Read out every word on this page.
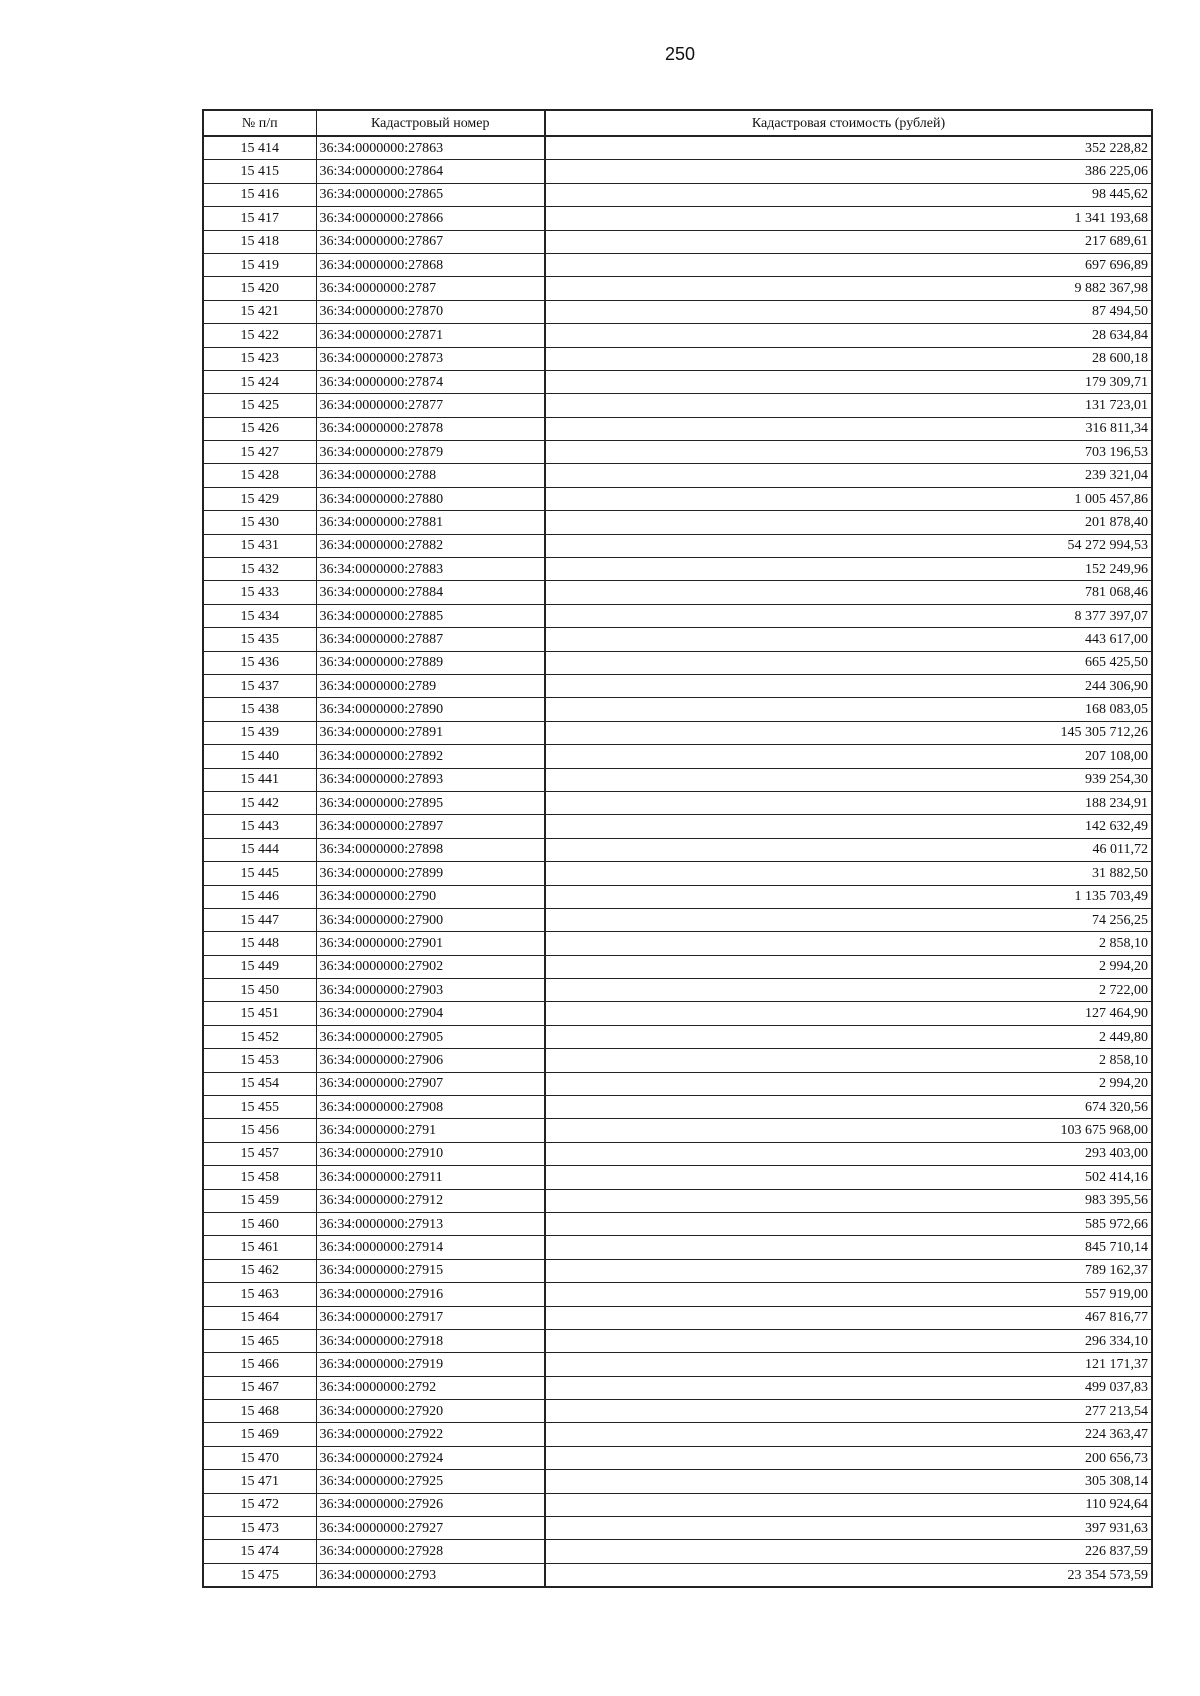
250
№ п/п	Кадастровый номер	Кадастровая стоимость (рублей)
15 414	36:34:0000000:27863	352 228,82
15 415	36:34:0000000:27864	386 225,06
15 416	36:34:0000000:27865	98 445,62
15 417	36:34:0000000:27866	1 341 193,68
15 418	36:34:0000000:27867	217 689,61
15 419	36:34:0000000:27868	697 696,89
15 420	36:34:0000000:2787	9 882 367,98
15 421	36:34:0000000:27870	87 494,50
15 422	36:34:0000000:27871	28 634,84
15 423	36:34:0000000:27873	28 600,18
15 424	36:34:0000000:27874	179 309,71
15 425	36:34:0000000:27877	131 723,01
15 426	36:34:0000000:27878	316 811,34
15 427	36:34:0000000:27879	703 196,53
15 428	36:34:0000000:2788	239 321,04
15 429	36:34:0000000:27880	1 005 457,86
15 430	36:34:0000000:27881	201 878,40
15 431	36:34:0000000:27882	54 272 994,53
15 432	36:34:0000000:27883	152 249,96
15 433	36:34:0000000:27884	781 068,46
15 434	36:34:0000000:27885	8 377 397,07
15 435	36:34:0000000:27887	443 617,00
15 436	36:34:0000000:27889	665 425,50
15 437	36:34:0000000:2789	244 306,90
15 438	36:34:0000000:27890	168 083,05
15 439	36:34:0000000:27891	145 305 712,26
15 440	36:34:0000000:27892	207 108,00
15 441	36:34:0000000:27893	939 254,30
15 442	36:34:0000000:27895	188 234,91
15 443	36:34:0000000:27897	142 632,49
15 444	36:34:0000000:27898	46 011,72
15 445	36:34:0000000:27899	31 882,50
15 446	36:34:0000000:2790	1 135 703,49
15 447	36:34:0000000:27900	74 256,25
15 448	36:34:0000000:27901	2 858,10
15 449	36:34:0000000:27902	2 994,20
15 450	36:34:0000000:27903	2 722,00
15 451	36:34:0000000:27904	127 464,90
15 452	36:34:0000000:27905	2 449,80
15 453	36:34:0000000:27906	2 858,10
15 454	36:34:0000000:27907	2 994,20
15 455	36:34:0000000:27908	674 320,56
15 456	36:34:0000000:2791	103 675 968,00
15 457	36:34:0000000:27910	293 403,00
15 458	36:34:0000000:27911	502 414,16
15 459	36:34:0000000:27912	983 395,56
15 460	36:34:0000000:27913	585 972,66
15 461	36:34:0000000:27914	845 710,14
15 462	36:34:0000000:27915	789 162,37
15 463	36:34:0000000:27916	557 919,00
15 464	36:34:0000000:27917	467 816,77
15 465	36:34:0000000:27918	296 334,10
15 466	36:34:0000000:27919	121 171,37
15 467	36:34:0000000:2792	499 037,83
15 468	36:34:0000000:27920	277 213,54
15 469	36:34:0000000:27922	224 363,47
15 470	36:34:0000000:27924	200 656,73
15 471	36:34:0000000:27925	305 308,14
15 472	36:34:0000000:27926	110 924,64
15 473	36:34:0000000:27927	397 931,63
15 474	36:34:0000000:27928	226 837,59
15 475	36:34:0000000:2793	23 354 573,59
